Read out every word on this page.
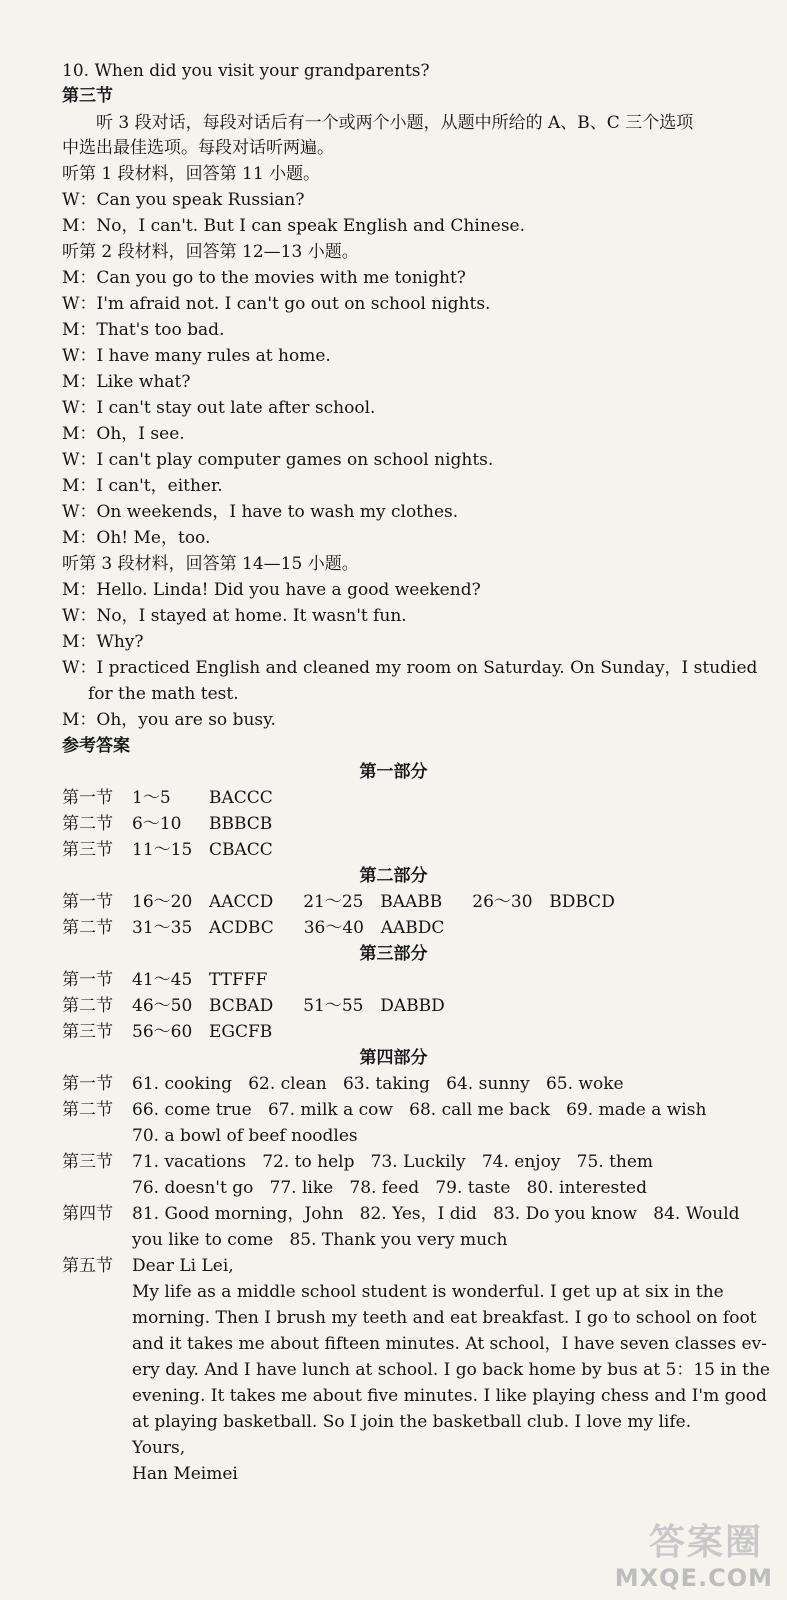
10. When did you visit your grandparents?
第三节
听 3 段对话，每段对话后有一个或两个小题，从题中所给的 A、B、C 三个选项
中选出最佳选项。每段对话听两遍。
听第 1 段材料，回答第 11 小题。
W：Can you speak Russian?
M：No，I can't. But I can speak English and Chinese.
听第 2 段材料，回答第 12—13 小题。
M：Can you go to the movies with me tonight?
W：I'm afraid not. I can't go out on school nights.
M：That's too bad.
W：I have many rules at home.
M：Like what?
W：I can't stay out late after school.
M：Oh，I see.
W：I can't play computer games on school nights.
M：I can't，either.
W：On weekends，I have to wash my clothes.
M：Oh! Me，too.
听第 3 段材料，回答第 14—15 小题。
M：Hello. Linda! Did you have a good weekend?
W：No，I stayed at home. It wasn't fun.
M：Why?
W：I practiced English and cleaned my room on Saturday. On Sunday，I studied
for the math test.
M：Oh，you are so busy.
参考答案
第一部分
第一节 1～5 BACCC
第二节 6～10 BBBCB
第三节 11～15 CBACC
第二部分
第一节 16～20 AACCD 21～25 BAABB 26～30 BDBCD
第二节 31～35 ACDBC 36～40 AABDC
第三部分
第一节 41～45 TTFFF
第二节 46～50 BCBAD 51～55 DABBD
第三节 56～60 EGCFB
第四部分
第一节 61. cooking   62. clean   63. taking   64. sunny   65. woke
第二节 66. come true   67. milk a cow   68. call me back   69. made a wish
70. a bowl of beef noodles
第三节 71. vacations   72. to help   73. Luckily   74. enjoy   75. them
76. doesn't go   77. like   78. feed   79. taste   80. interested
第四节 81. Good morning，John   82. Yes，I did   83. Do you know   84. Would
you like to come   85. Thank you very much
第五节 Dear Li Lei,
My life as a middle school student is wonderful. I get up at six in the
morning. Then I brush my teeth and eat breakfast. I go to school on foot
and it takes me about fifteen minutes. At school，I have seven classes ev-
ery day. And I have lunch at school. I go back home by bus at 5：15 in the
evening. It takes me about five minutes. I like playing chess and I'm good
at playing basketball. So I join the basketball club. I love my life.
Yours,
Han Meimei
答案圈
MXQE.COM
